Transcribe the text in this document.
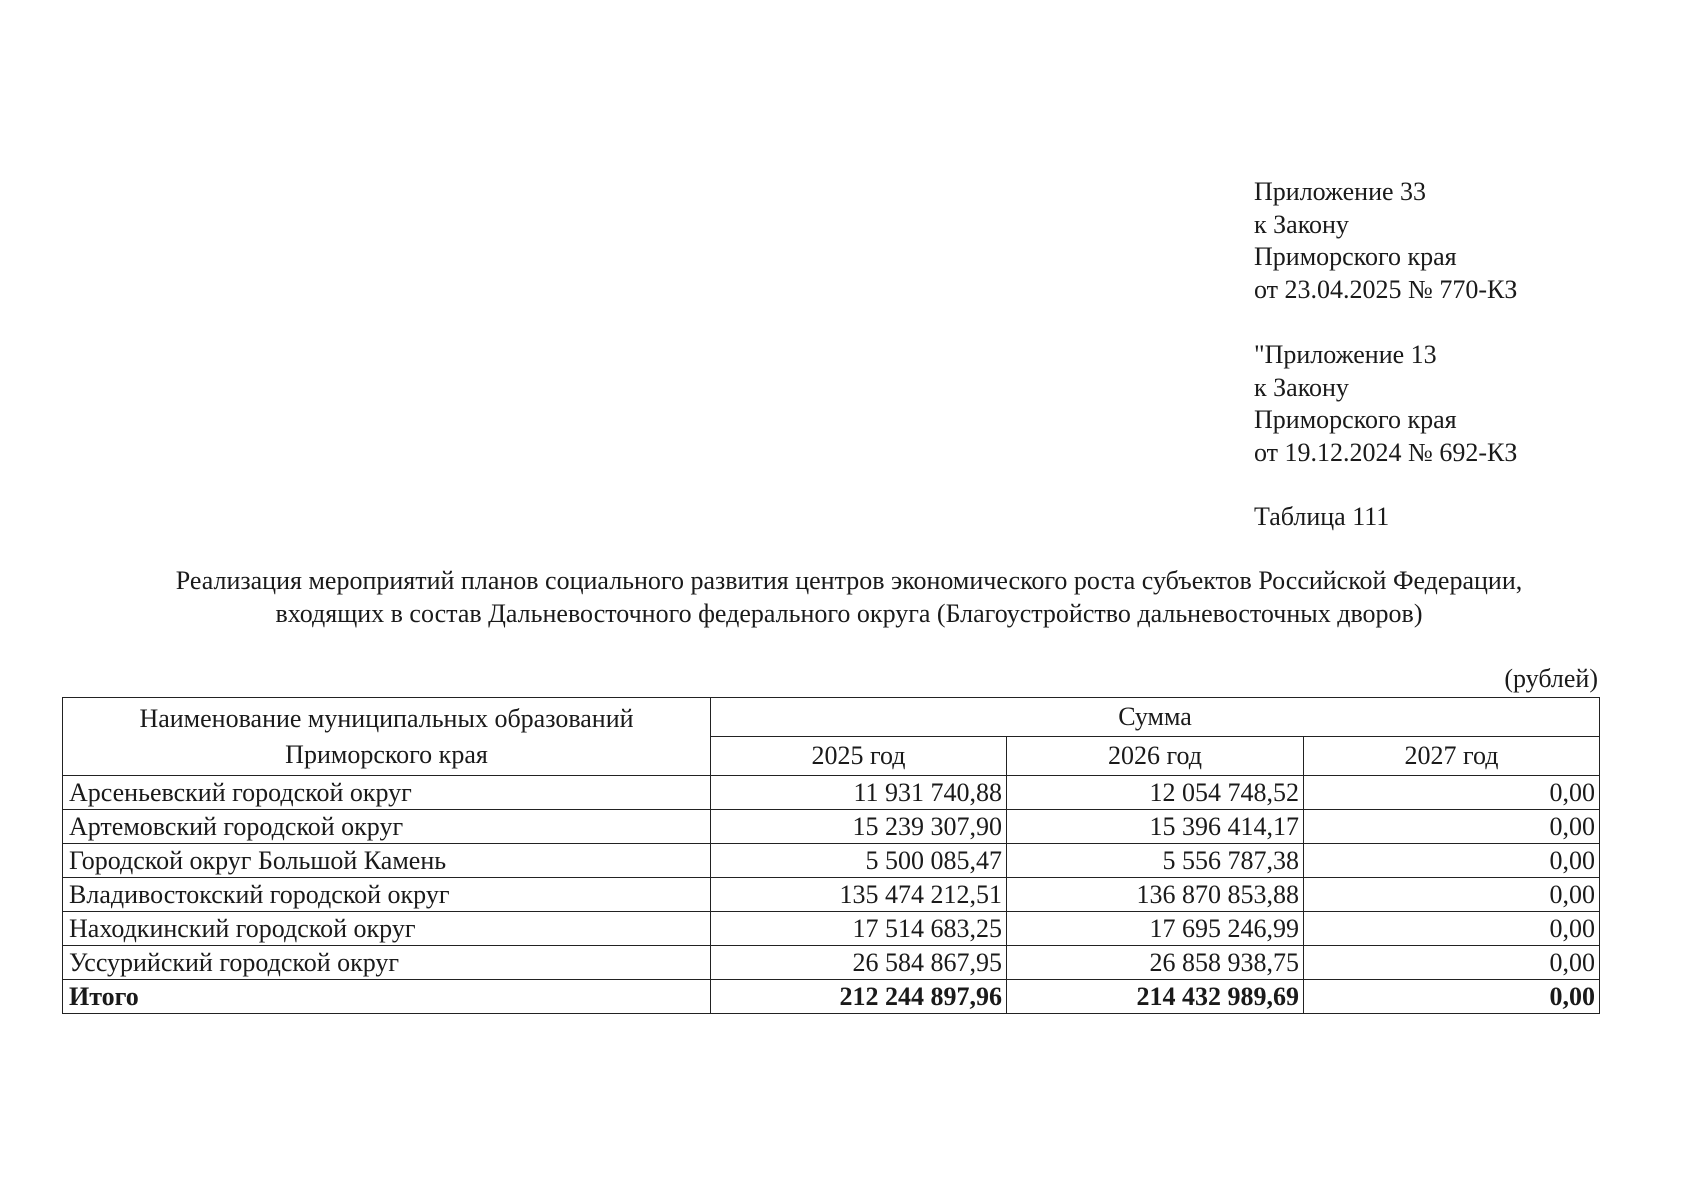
Приложение 33
к Закону
Приморского края
от 23.04.2025 № 770-КЗ
"Приложение 13
к Закону
Приморского края
от 19.12.2024 № 692-КЗ
Таблица 111
Реализация мероприятий планов социального развития центров экономического роста субъектов Российской Федерации,
входящих в состав Дальневосточного федерального округа (Благоустройство дальневосточных дворов)
(рублей)
Наименование муниципальных образований Приморского края	Сумма		
	2025 год	2026 год	2027 год
Арсеньевский городской округ	11 931 740,88	12 054 748,52	0,00
Артемовский городской округ	15 239 307,90	15 396 414,17	0,00
Городской округ Большой Камень	5 500 085,47	5 556 787,38	0,00
Владивостокский городской округ	135 474 212,51	136 870 853,88	0,00
Находкинский городской округ	17 514 683,25	17 695 246,99	0,00
Уссурийский городской округ	26 584 867,95	26 858 938,75	0,00
Итого	212 244 897,96	214 432 989,69	0,00
